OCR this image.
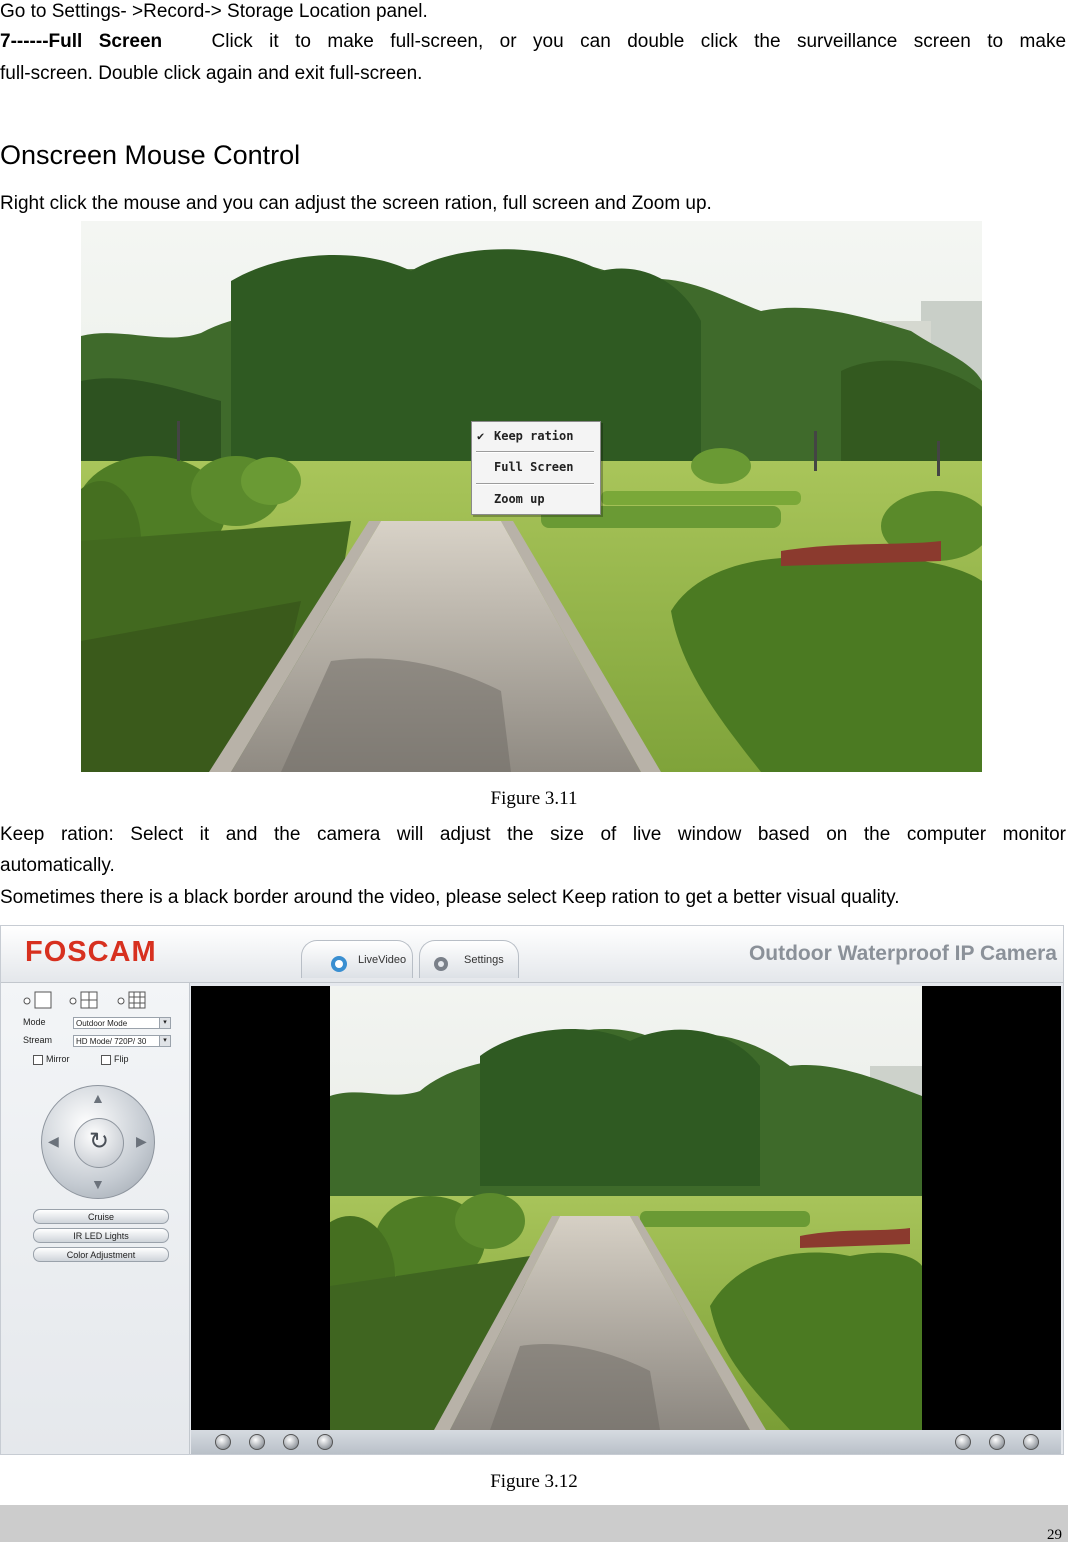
Go to Settings- >Record-> Storage Location panel.

7------Full Screen	Click it to make full-screen, or you can double click the surveillance screen to make

full-screen. Double click again and exit full-screen.

Onscreen Mouse Control

Right click the mouse and you can adjust the screen ration, full screen and Zoom up.

✔ Keep ration
Full Screen
Zoom up
Figure 3.11

Keep ration: Select it and the camera will adjust the size of live window based on the computer monitor

automatically.

Sometimes there is a black border around the video, please select Keep ration to get a better visual quality.

FOSCAM	LiveVideo	Settings	Outdoor Waterproof IP Camera
Mode	Outdoor Mode	▾
Stream	HD Mode/ 720P/ 30	▾
Mirror	Flip
▲
▼
◀	▶
↻
Cruise
IR LED Lights
Color Adjustment
Figure 3.12
29
